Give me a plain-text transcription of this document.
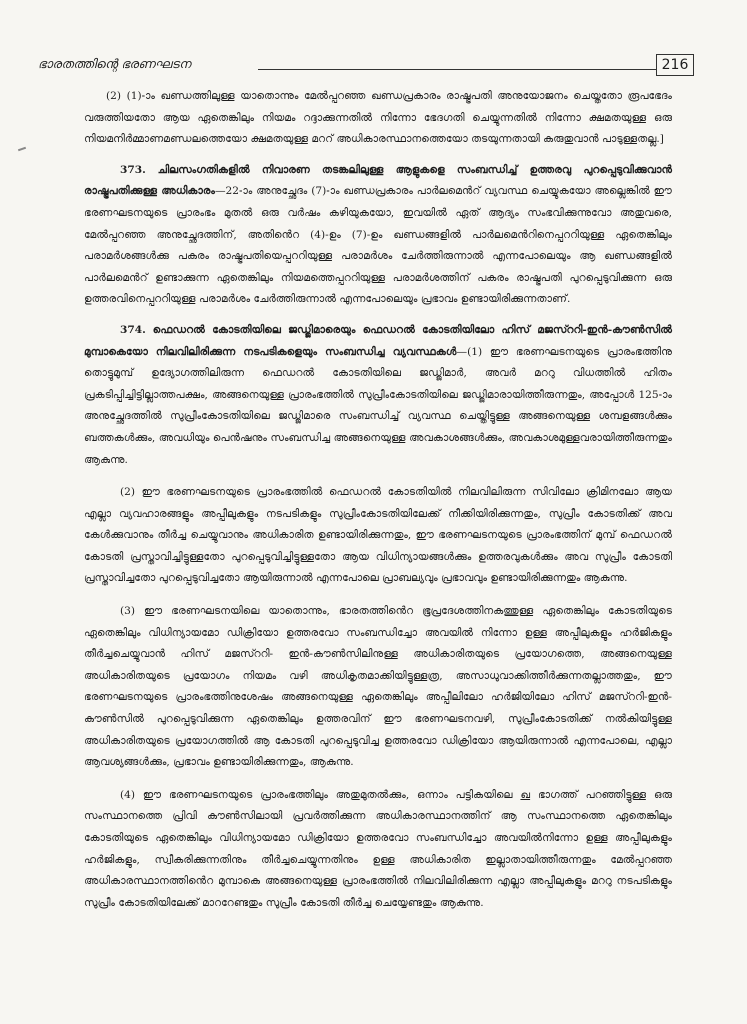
ഭാരതത്തിന്റെ ഭരണഘടന	216

(2) (1)-ാം ഖണ്ഡത്തിലുള്ള യാതൊന്നും മേൽപ്പറഞ്ഞ ഖണ്ഡപ്രകാരം രാഷ്ട്രപതി അനുയോജനം ചെയ്തതോ രൂപഭേദം വരുത്തിയതോ ആയ ഏതെങ്കിലും നിയമം റദ്ദാക്കുന്നതിൽ നിന്നോ ഭേദഗതി ചെയ്യുന്നതിൽ നിന്നോ ക്ഷമതയുള്ള ഒരു നിയമനിർമ്മാണമണ്ഡലത്തെയോ ക്ഷമതയുള്ള മററ് അധികാരസ്ഥാനത്തെയോ തടയുന്നതായി കരുതുവാൻ പാടുള്ളതല്ല.]

373. ചിലസംഗതികളിൽ നിവാരണ തടങ്കലിലുള്ള ആളുകളെ സംബന്ധിച്ച് ഉത്തരവു പുറപ്പെടുവിക്കുവാൻ രാഷ്ട്രപതിക്കുള്ള അധികാരം—22-ാം അനുച്ഛേദം (7)-ാം ഖണ്ഡപ്രകാരം പാർലമെൻറ് വ്യവസ്ഥ ചെയ്യുകയോ അല്ലെങ്കിൽ ഈ ഭരണഘടനയുടെ പ്രാരംഭം മുതൽ ഒരു വർഷം കഴിയുകയോ, ഇവയിൽ ഏത് ആദ്യം സംഭവിക്കുന്നുവോ അതുവരെ, മേൽപ്പറഞ്ഞ അനുച്ഛേദത്തിന്, അതിൻെറ (4)-ഉം (7)-ഉം ഖണ്ഡങ്ങളിൽ പാർലമെൻറിനെപ്പററിയുള്ള ഏതെങ്കിലും പരാമർശങ്ങൾക്കു പകരം രാഷ്ട്രപതിയെപ്പററിയുള്ള പരാമർശം ചേർത്തിരുന്നാൽ എന്നപോലെയും ആ ഖണ്ഡങ്ങളിൽ പാർലമെൻറ് ഉണ്ടാക്കുന്ന ഏതെങ്കിലും നിയമത്തെപ്പററിയുള്ള പരാമർശത്തിന് പകരം രാഷ്ട്രപതി പുറപ്പെടുവിക്കുന്ന ഒരു ഉത്തരവിനെപ്പററിയുള്ള പരാമർശം ചേർത്തിരുന്നാൽ എന്നപോലെയും പ്രഭാവം ഉണ്ടായിരിക്കുന്നതാണ്.

374. ഫെഡറൽ കോടതിയിലെ ജഡ്ജിമാരെയും ഫെഡറൽ കോടതിയിലോ ഹിസ് മജസ്ററി-ഇൻ-കൗൺസിൽ മുമ്പാകെയോ നിലവിലിരിക്കുന്ന നടപടികളെയും സംബന്ധിച്ച വ്യവസ്ഥകൾ—(1) ഈ ഭരണഘടനയുടെ പ്രാരംഭത്തിനു തൊട്ടുമുമ്പ് ഉദ്യോഗത്തിലിരുന്ന ഫെഡറൽ കോടതിയിലെ ജഡ്ജിമാർ, അവർ മററു വിധത്തിൽ ഹിതം പ്രകടിപ്പിച്ചിട്ടില്ലാത്തപക്ഷം, അങ്ങനെയുള്ള പ്രാരംഭത്തിൽ സുപ്രീംകോടതിയിലെ ജഡ്ജിമാരായിത്തീരുന്നതും, അപ്പോൾ 125-ാം അനുച്ഛേദത്തിൽ സുപ്രീംകോടതിയിലെ ജഡ്ജിമാരെ സംബന്ധിച്ച് വ്യവസ്ഥ ചെയ്തിട്ടുള്ള അങ്ങനെയുള്ള ശമ്പളങ്ങൾക്കും ബത്തകൾക്കും, അവധിയും പെൻഷനും സംബന്ധിച്ച അങ്ങനെയുള്ള അവകാശങ്ങൾക്കും, അവകാശമുള്ളവരായിത്തീരുന്നതും ആകുന്നു.

(2) ഈ ഭരണഘടനയുടെ പ്രാരംഭത്തിൽ ഫെഡറൽ കോടതിയിൽ നിലവിലിരുന്ന സിവിലോ ക്രിമിനലോ ആയ എല്ലാ വ്യവഹാരങ്ങളും അപ്പീലുകളും നടപടികളും സുപ്രീംകോടതിയിലേക്ക് നീക്കിയിരിക്കുന്നതും, സുപ്രീം കോടതിക്ക് അവ കേൾക്കുവാനും തീർച്ച ചെയ്യുവാനും അധികാരിത ഉണ്ടായിരിക്കുന്നതും, ഈ ഭരണഘടനയുടെ പ്രാരംഭത്തിന് മുമ്പ് ഫെഡറൽ കോടതി പ്രസ്താവിച്ചിട്ടുള്ളതോ പുറപ്പെടുവിച്ചിട്ടുള്ളതോ ആയ വിധിന്യായങ്ങൾക്കും ഉത്തരവുകൾക്കും അവ സുപ്രീം കോടതി പ്രസ്താവിച്ചതോ പുറപ്പെടുവിച്ചതോ ആയിരുന്നാൽ എന്നപോലെ പ്രാബല്യവും പ്രഭാവവും ഉണ്ടായിരിക്കുന്നതും ആകുന്നു.

(3) ഈ ഭരണഘടനയിലെ യാതൊന്നും, ഭാരതത്തിൻെറ ഭൂപ്രദേശത്തിനകത്തുള്ള ഏതെങ്കിലും കോടതിയുടെ ഏതെങ്കിലും വിധിന്യായമോ ഡിക്രിയോ ഉത്തരവോ സംബന്ധിച്ചോ അവയിൽ നിന്നോ ഉള്ള അപ്പീലുകളും ഹർജികളും തീർച്ചചെയ്യുവാൻ ഹിസ് മജസ്ററി- ഇൻ-കൗൺസിലിനുള്ള അധികാരിതയുടെ പ്രയോഗത്തെ, അങ്ങനെയുള്ള അധികാരിതയുടെ പ്രയോഗം നിയമം വഴി അധികൃതമാക്കിയിട്ടുള്ളത്ര, അസാധുവാക്കിത്തീർക്കുന്നതല്ലാത്തതും, ഈ ഭരണഘടനയുടെ പ്രാരംഭത്തിനുശേഷം അങ്ങനെയുള്ള ഏതെങ്കിലും അപ്പീലിലോ ഹർജിയിലോ ഹിസ് മജസ്ററി-ഇൻ-കൗൺസിൽ പുറപ്പെടുവിക്കുന്ന ഏതെങ്കിലും ഉത്തരവിന് ഈ ഭരണഘടനവഴി, സുപ്രീംകോടതിക്ക് നൽകിയിട്ടുള്ള അധികാരിതയുടെ പ്രയോഗത്തിൽ ആ കോടതി പുറപ്പെടുവിച്ച ഉത്തരവോ ഡിക്രിയോ ആയിരുന്നാൽ എന്നപോലെ, എല്ലാ ആവശ്യങ്ങൾക്കും, പ്രഭാവം ഉണ്ടായിരിക്കുന്നതും, ആകുന്നു.

(4) ഈ ഭരണഘടനയുടെ പ്രാരംഭത്തിലും അതുമുതൽക്കും, ഒന്നാം പട്ടികയിലെ ഖ ഭാഗത്ത് പറഞ്ഞിട്ടുള്ള ഒരു സംസ്ഥാനത്തെ പ്രിവി കൗൺസിലായി പ്രവർത്തിക്കുന്ന അധികാരസ്ഥാനത്തിന് ആ സംസ്ഥാനത്തെ ഏതെങ്കിലും കോടതിയുടെ ഏതെങ്കിലും വിധിന്യായമോ ഡിക്രിയോ ഉത്തരവോ സംബന്ധിച്ചോ അവയിൽനിന്നോ ഉള്ള അപ്പീലുകളും ഹർജികളും, സ്വീകരിക്കുന്നതിനും തീർച്ചചെയ്യുന്നതിനും ഉള്ള അധികാരിത ഇല്ലാതായിത്തീരുന്നതും മേൽപ്പറഞ്ഞ അധികാരസ്ഥാനത്തിൻെറ മുമ്പാകെ അങ്ങനെയുള്ള പ്രാരംഭത്തിൽ നിലവിലിരിക്കുന്ന എല്ലാ അപ്പീലുകളും മററു നടപടികളും സുപ്രീം കോടതിയിലേക്ക് മാററേണ്ടതും സുപ്രീം കോടതി തീർച്ച ചെയ്യേണ്ടതും ആകുന്നു.
